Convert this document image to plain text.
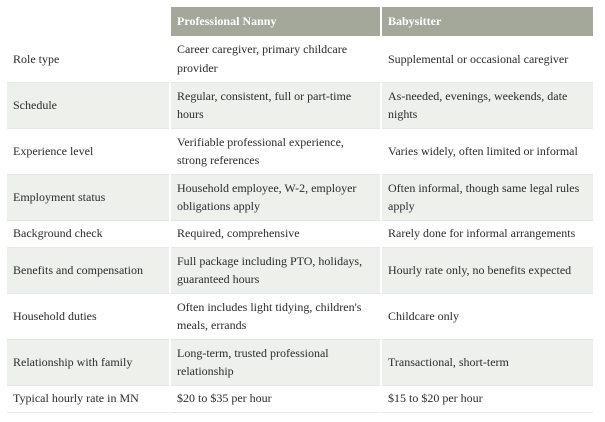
	Professional Nanny	Babysitter
Role type	Career caregiver, primary childcare provider	Supplemental or occasional caregiver
Schedule	Regular, consistent, full or part-time hours	As-needed, evenings, weekends, date nights
Experience level	Verifiable professional experience, strong references	Varies widely, often limited or informal
Employment status	Household employee, W-2, employer obligations apply	Often informal, though same legal rules apply
Background check	Required, comprehensive	Rarely done for informal arrangements
Benefits and compensation	Full package including PTO, holidays, guaranteed hours	Hourly rate only, no benefits expected
Household duties	Often includes light tidying, children's meals, errands	Childcare only
Relationship with family	Long-term, trusted professional relationship	Transactional, short-term
Typical hourly rate in MN	$20 to $35 per hour	$15 to $20 per hour
